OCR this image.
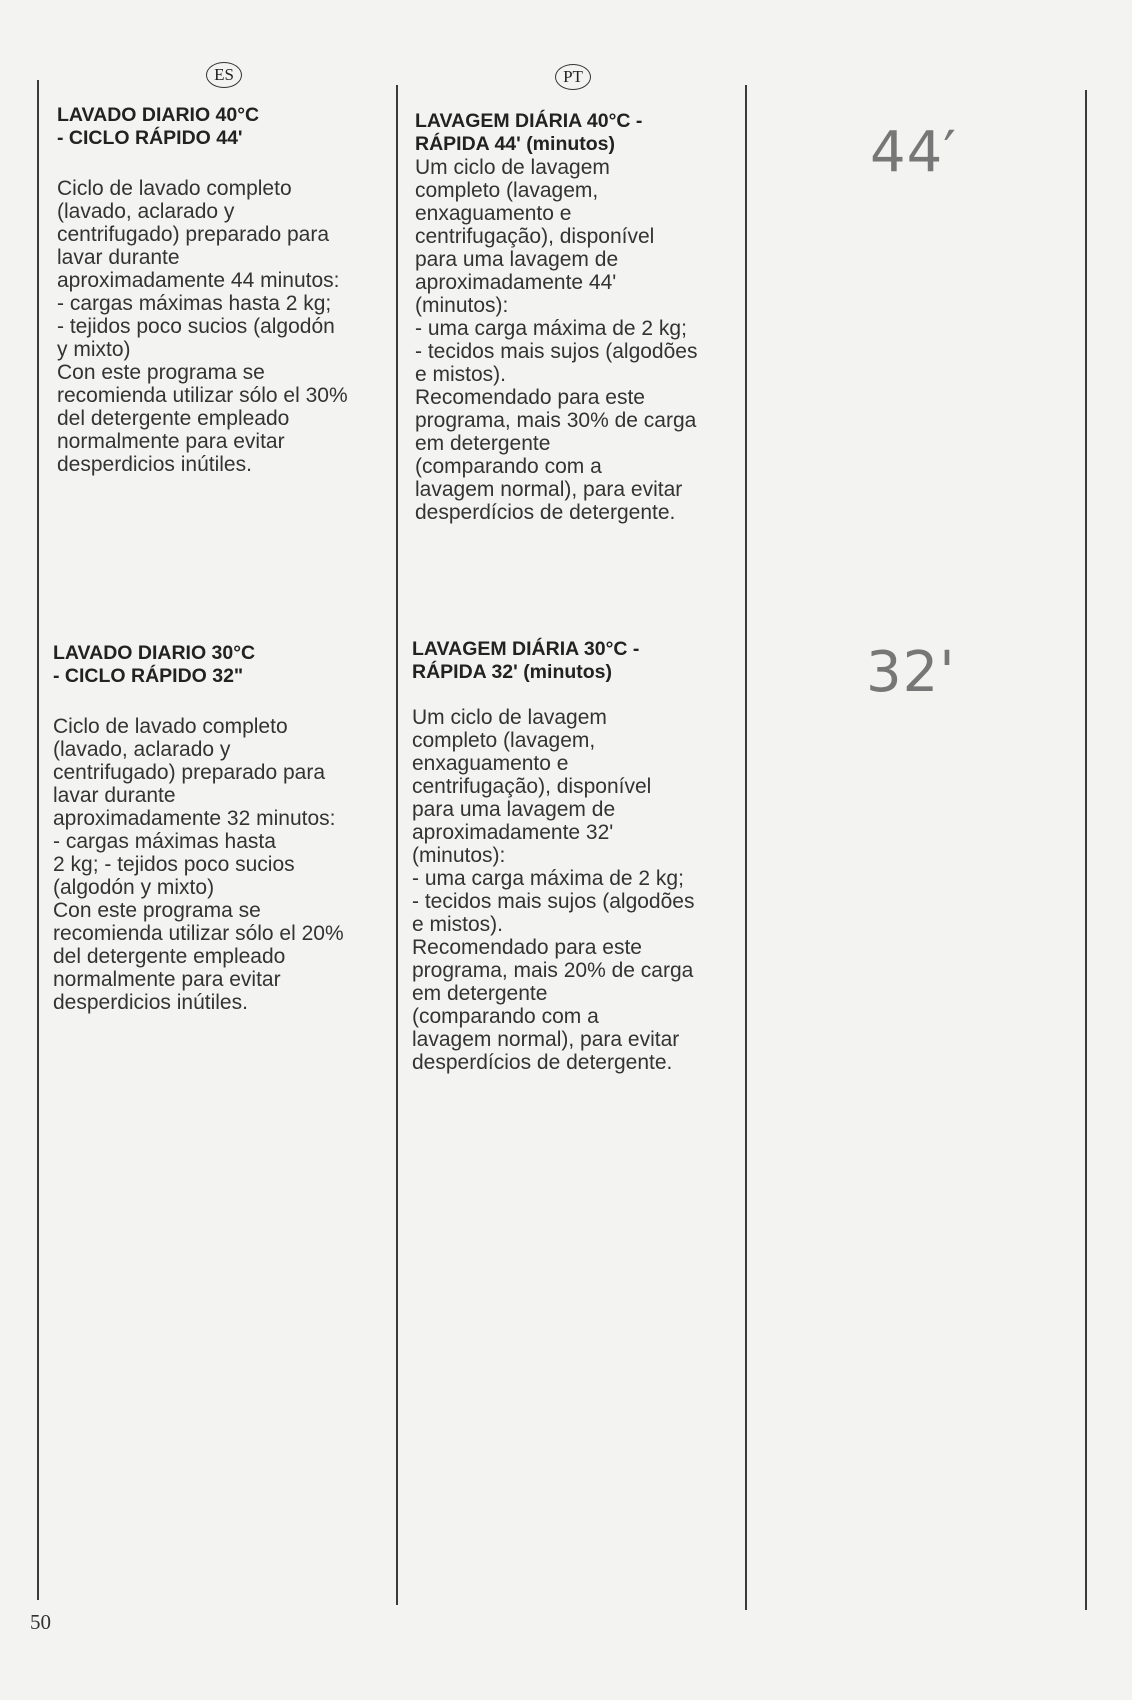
ES	PT

LAVADO DIARIO 40°C
- CICLO RÁPIDO 44'

Ciclo de lavado completo
(lavado, aclarado y
centrifugado) preparado para
lavar durante
aproximadamente 44 minutos:
- cargas máximas hasta 2 kg;
- tejidos poco sucios (algodón
y mixto)
Con este programa se
recomienda utilizar sólo el 30%
del detergente empleado
normalmente para evitar
desperdicios inútiles.

LAVAGEM DIÁRIA 40°C -
RÁPIDA 44' (minutos)

Um ciclo de lavagem
completo (lavagem,
enxaguamento e
centrifugação), disponível
para uma lavagem de
aproximadamente 44'
(minutos):
- uma carga máxima de 2 kg;
- tecidos mais sujos (algodões
e mistos).
Recomendado para este
programa, mais 30% de carga
em detergente
(comparando com a
lavagem normal), para evitar
desperdícios de detergente.

44′

LAVADO DIARIO 30°C
- CICLO RÁPIDO 32"

Ciclo de lavado completo
(lavado, aclarado y
centrifugado) preparado para
lavar durante
aproximadamente 32 minutos:
- cargas máximas hasta
2 kg; - tejidos poco sucios
(algodón y mixto)
Con este programa se
recomienda utilizar sólo el 20%
del detergente empleado
normalmente para evitar
desperdicios inútiles.

LAVAGEM DIÁRIA 30°C -
RÁPIDA 32' (minutos)

Um ciclo de lavagem
completo (lavagem,
enxaguamento e
centrifugação), disponível
para uma lavagem de
aproximadamente 32'
(minutos):
- uma carga máxima de 2 kg;
- tecidos mais sujos (algodões
e mistos).
Recomendado para este
programa, mais 20% de carga
em detergente
(comparando com a
lavagem normal), para evitar
desperdícios de detergente.

32'
50
